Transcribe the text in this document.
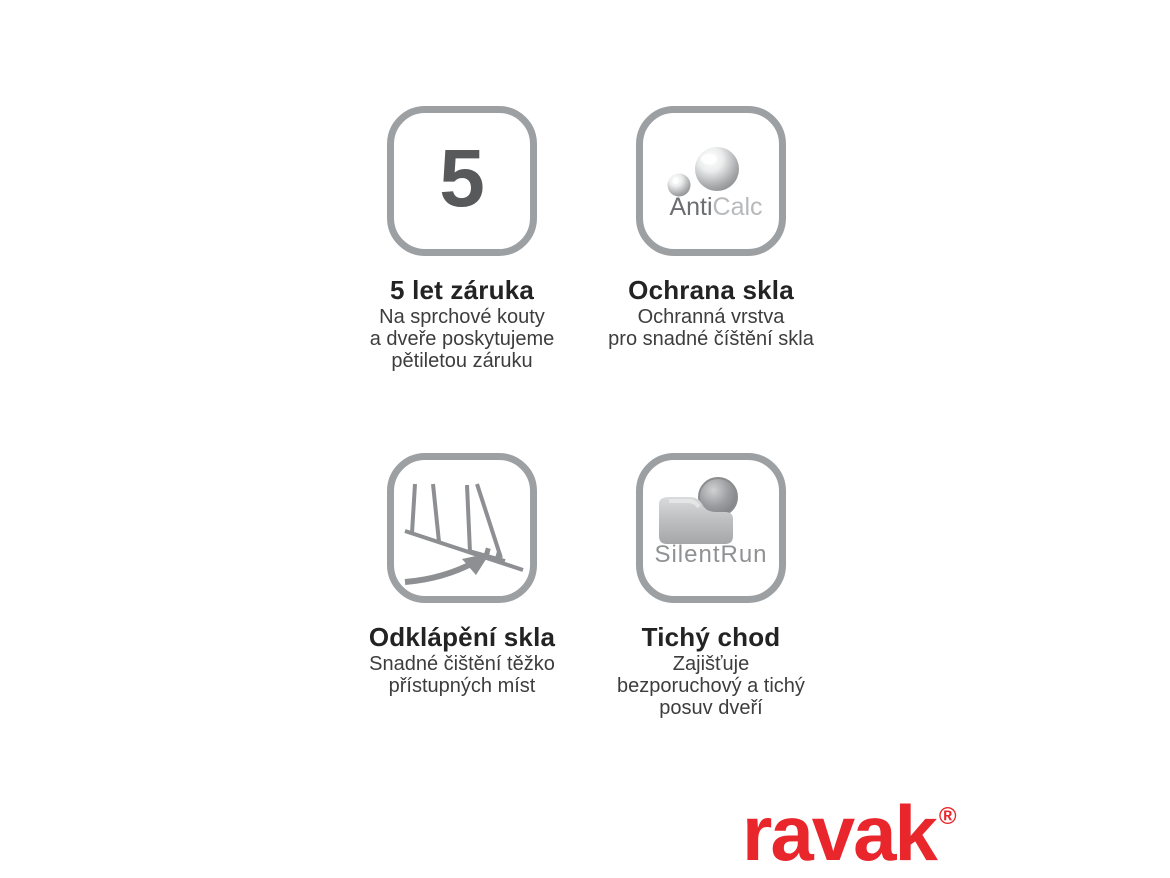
5
5 let záruka
Na sprchové kouty
a dveře poskytujeme
pětiletou záruku
AntiCalc
Ochrana skla
Ochranná vrstva
pro snadné číštění skla
Odklápění skla
Snadné čištění těžko
přístupných míst
SilentRun
Tichý chod
Zajišťuje
bezporuchový a tichý
posuv dveří
ravak ®
